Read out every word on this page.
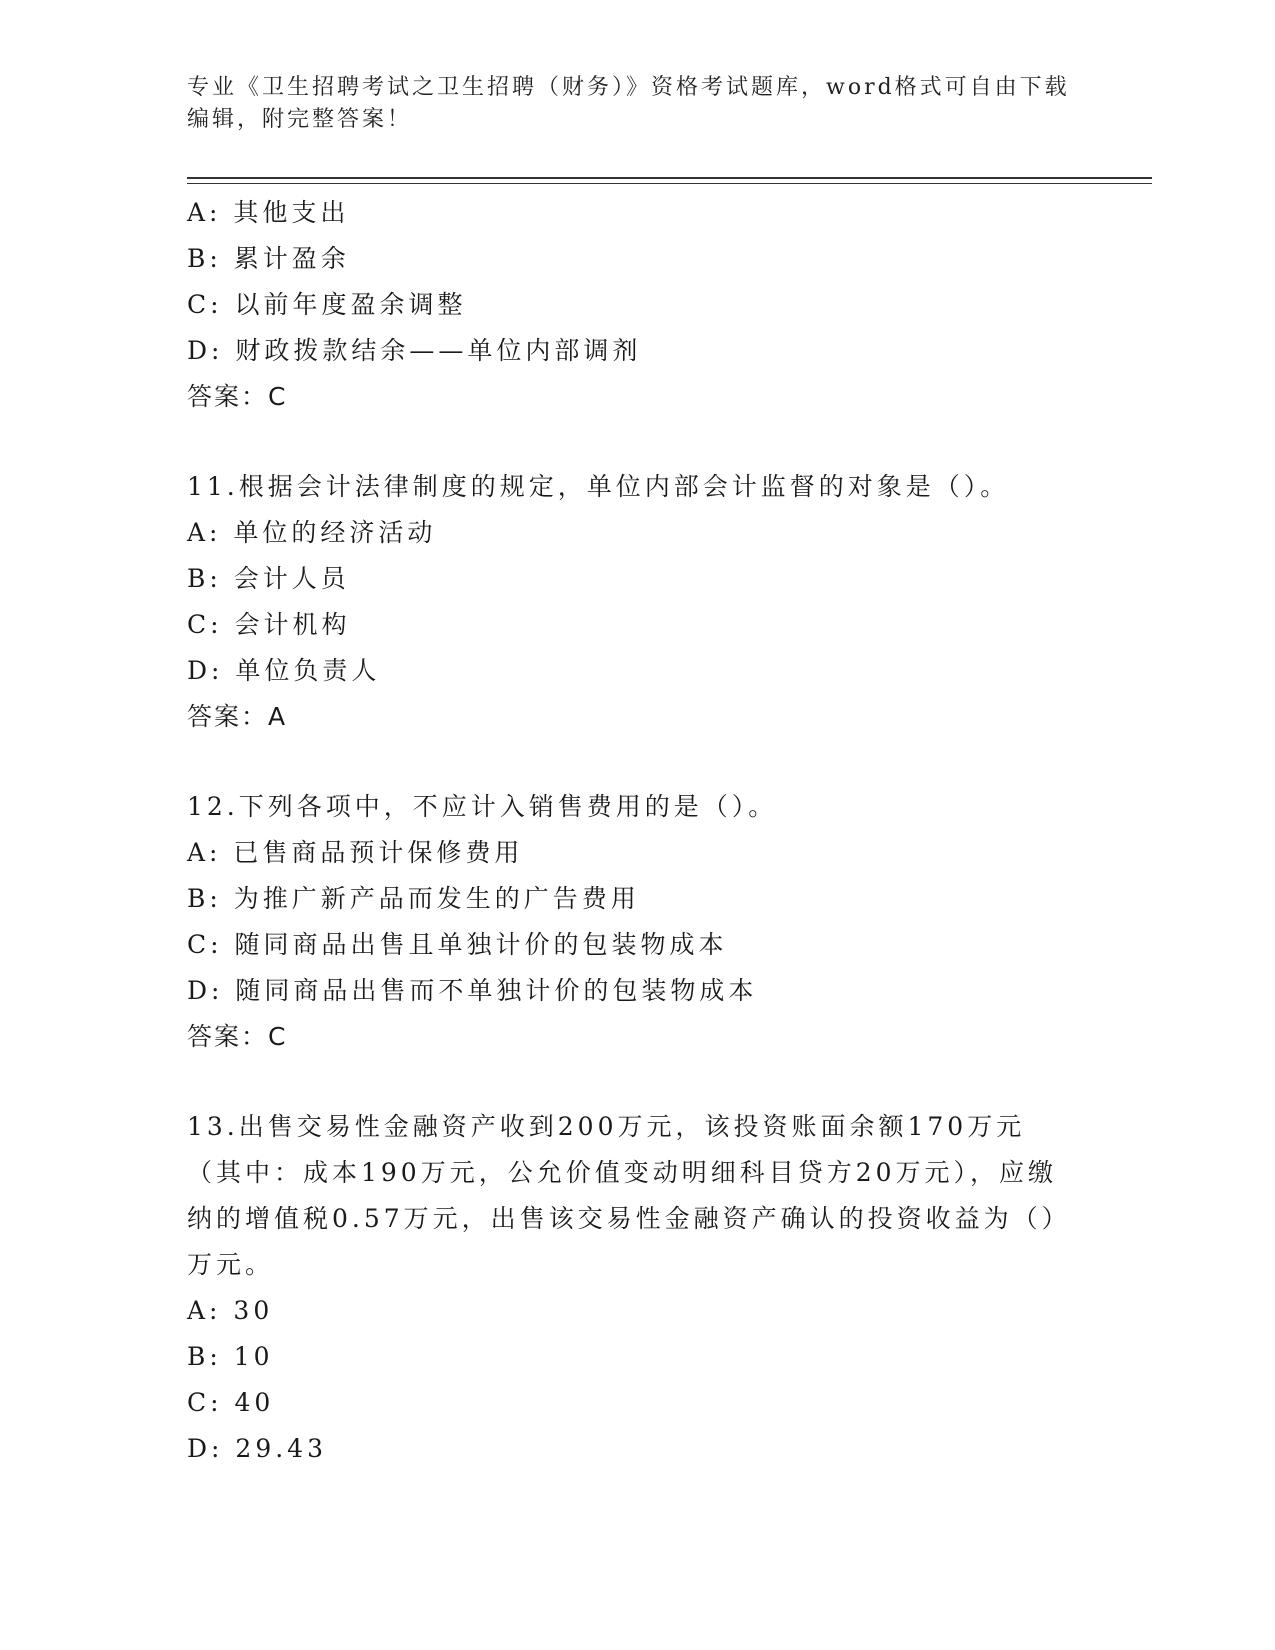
专业《卫生招聘考试之卫生招聘（财务）》资格考试题库，word格式可自由下载编辑，附完整答案！
A: 其他支出
B: 累计盈余
C: 以前年度盈余调整
D: 财政拨款结余——单位内部调剂
答案：C
11.根据会计法律制度的规定，单位内部会计监督的对象是（）。
A: 单位的经济活动
B: 会计人员
C: 会计机构
D: 单位负责人
答案：A
12.下列各项中，不应计入销售费用的是（）。
A: 已售商品预计保修费用
B: 为推广新产品而发生的广告费用
C: 随同商品出售且单独计价的包装物成本
D: 随同商品出售而不单独计价的包装物成本
答案：C
13.出售交易性金融资产收到200万元，该投资账面余额170万元（其中：成本190万元，公允价值变动明细科目贷方20万元），应缴纳的增值税0.57万元，出售该交易性金融资产确认的投资收益为（）万元。
A: 30
B: 10
C: 40
D: 29.43
